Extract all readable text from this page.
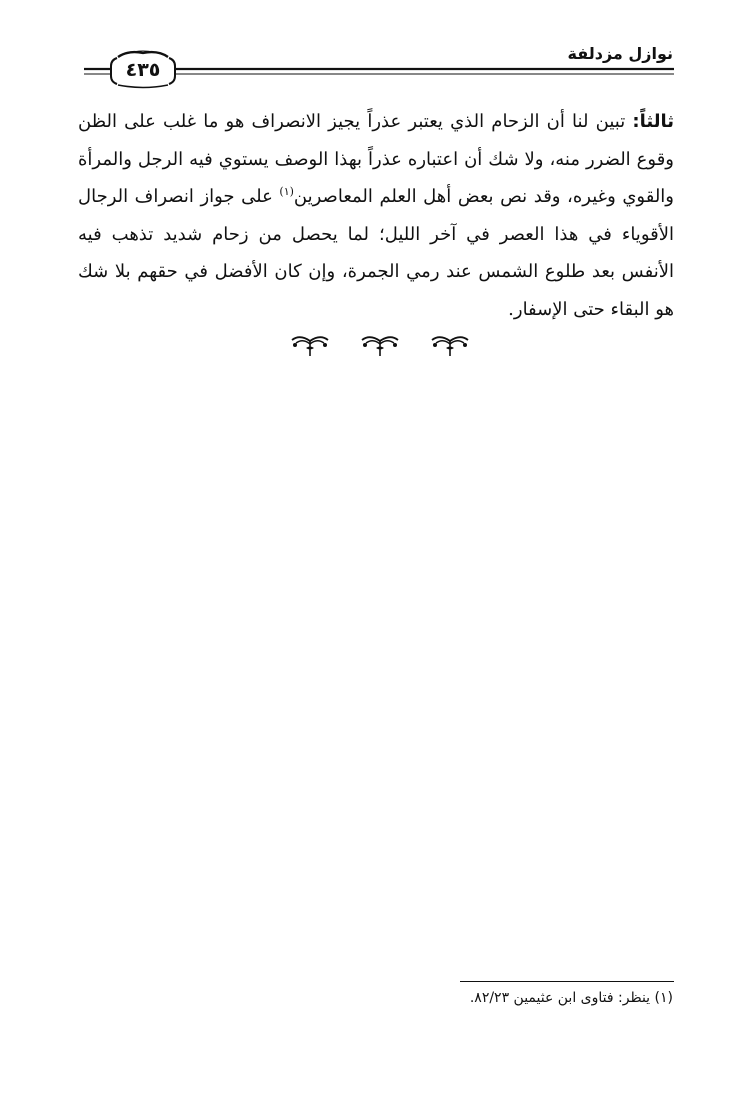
نوازل مزدلفة
٤٣٥
ثالثاً: تبين لنا أن الزحام الذي يعتبر عذراً يجيز الانصراف هو ما غلب على الظن وقوع الضرر منه، ولا شك أن اعتباره عذراً بهذا الوصف يستوي فيه الرجل والمرأة والقوي وغيره، وقد نص بعض أهل العلم المعاصرين$^{(١)}$ على جواز انصراف الرجال الأقوياء في هذا العصر في آخر الليل؛ لما يحصل من زحام شديد تذهب فيه الأنفس بعد طلوع الشمس عند رمي الجمرة، وإن كان الأفضل في حقهم بلا شك هو البقاء حتى الإسفار.
(١) ينظر: فتاوى ابن عثيمين ٨٢/٢٣.
